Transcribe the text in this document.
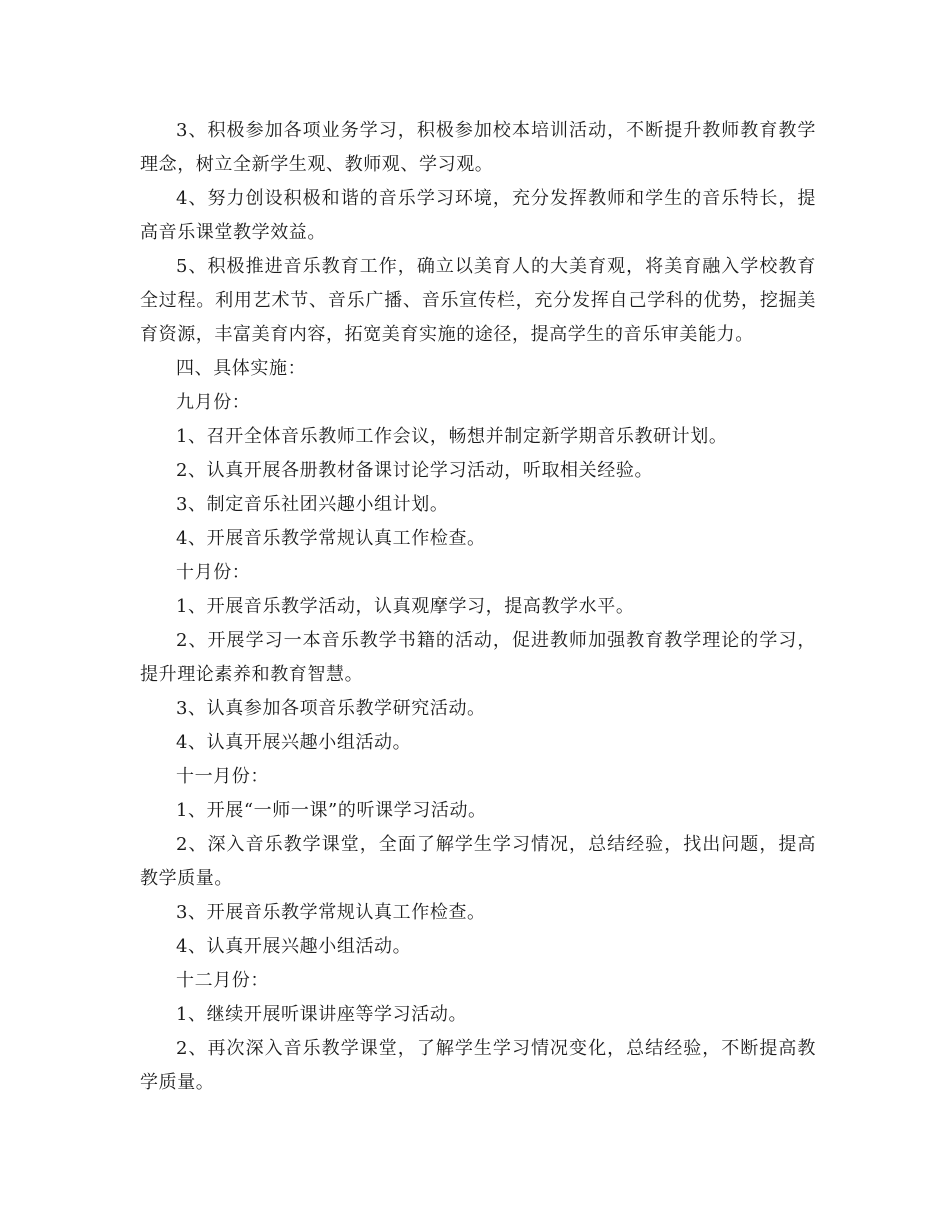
3、积极参加各项业务学习，积极参加校本培训活动，不断提升教师教育教学理念，树立全新学生观、教师观、学习观。

4、努力创设积极和谐的音乐学习环境，充分发挥教师和学生的音乐特长，提高音乐课堂教学效益。

5、积极推进音乐教育工作，确立以美育人的大美育观，将美育融入学校教育全过程。利用艺术节、音乐广播、音乐宣传栏，充分发挥自己学科的优势，挖掘美育资源，丰富美育内容，拓宽美育实施的途径，提高学生的音乐审美能力。

四、具体实施：

九月份：

1、召开全体音乐教师工作会议，畅想并制定新学期音乐教研计划。

2、认真开展各册教材备课讨论学习活动，听取相关经验。

3、制定音乐社团兴趣小组计划。

4、开展音乐教学常规认真工作检查。

十月份：

1、开展音乐教学活动，认真观摩学习，提高教学水平。

2、开展学习一本音乐教学书籍的活动，促进教师加强教育教学理论的学习，提升理论素养和教育智慧。

3、认真参加各项音乐教学研究活动。

4、认真开展兴趣小组活动。

十一月份：

1、开展“一师一课”的听课学习活动。

2、深入音乐教学课堂，全面了解学生学习情况，总结经验，找出问题，提高教学质量。

3、开展音乐教学常规认真工作检查。

4、认真开展兴趣小组活动。

十二月份：

1、继续开展听课讲座等学习活动。

2、再次深入音乐教学课堂，了解学生学习情况变化，总结经验，不断提高教学质量。
